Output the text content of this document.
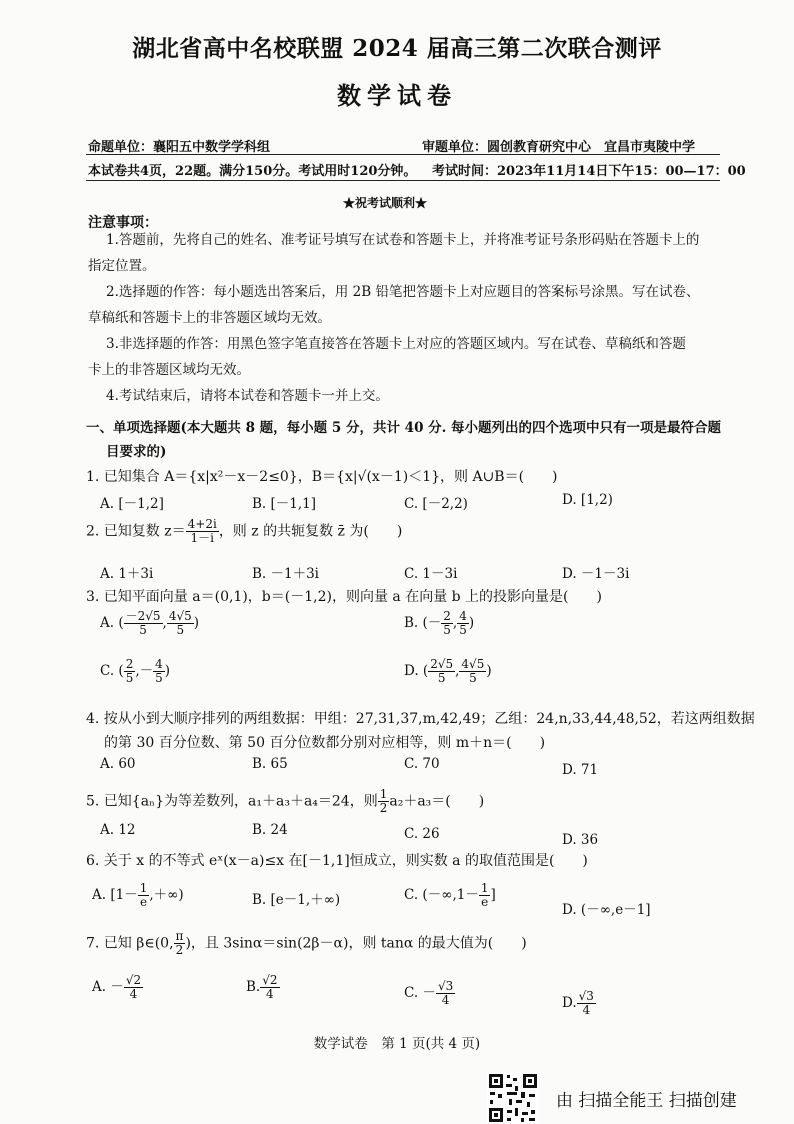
湖北省高中名校联盟 2024 届高三第二次联合测评
数学试卷
命题单位：襄阳五中数学学科组	审题单位：圆创教育研究中心　宜昌市夷陵中学
本试卷共4页，22题。满分150分。考试用时120分钟。 考试时间：2023年11月14日下午15：00—17：00
★祝考试顺利★
注意事项：
1.答题前，先将自己的姓名、准考证号填写在试卷和答题卡上，并将准考证号条形码贴在答题卡上的
指定位置。
2.选择题的作答：每小题选出答案后，用 2B 铅笔把答题卡上对应题目的答案标号涂黑。写在试卷、
草稿纸和答题卡上的非答题区域均无效。
3.非选择题的作答：用黑色签字笔直接答在答题卡上对应的答题区域内。写在试卷、草稿纸和答题
卡上的非答题区域均无效。
4.考试结束后，请将本试卷和答题卡一并上交。
一、单项选择题(本大题共 8 题，每小题 5 分，共计 40 分. 每小题列出的四个选项中只有一项是最符合题
目要求的)
1. 已知集合 A＝{x|x²－x－2≤0}，B＝{x|√(x－1)＜1}，则 A∪B＝(　　)
A. [－1,2]	B. [－1,1]	C. [－2,2)	D. [1,2)
2. 已知复数 $z= \frac{4+2i}{1-i}$ ，则 z 的共轭复数 z̄ 为(　　)
A. 1＋3i	B. －1＋3i	C. 1－3i	D. －1－3i
3. 已知平面向量 a＝(0,1)，b＝(－1,2)，则向量 a 在向量 b 上的投影向量是(　　)
A. ( $\frac{-2√5}{5}$ , $\frac{4√5}{5}$ )	B. (－ $\frac{2}{5}$ , $\frac{4}{5}$ )
C. ( $\frac{2}{5}$ ,－ $\frac{4}{5}$ )	D. ( $\frac{2√5}{5}$ , $\frac{4√5}{5}$ )
4. 按从小到大顺序排列的两组数据：甲组：27,31,37,m,42,49；乙组：24,n,33,44,48,52，若这两组数据
的第 30 百分位数、第 50 百分位数都分别对应相等，则 m＋n＝(　　)
A. 60	B. 65	C. 70	D. 71
5. 已知{aₙ}为等差数列，a₁＋a₃＋a₄＝24，则 $\frac{1}{2} a_2+a_3=$(　　)
A. 12	B. 24	C. 26	D. 36
6. 关于 x 的不等式 eˣ(x－a)≤x 在[－1,1]恒成立，则实数 a 的取值范围是(　　)
A. [$1- \frac{1}{e}$ ,＋∞)	B. [e－1,＋∞)	C. ($-\infty,1- \frac{1}{e}$ ]
D. (－∞,e－1]
7. 已知 β∈(0, $\frac{\pi}{2}$ )，且 3sinα＝sin(2β－α)，则 tanα 的最大值为(　　)
A. － $\frac{√2}{4}$	B. $\frac{√2}{4}$	C. － $\frac{√3}{4}$	D. $\frac{√3}{4}$
数学试卷　第 1 页(共 4 页)
由 扫描全能王 扫描创建
